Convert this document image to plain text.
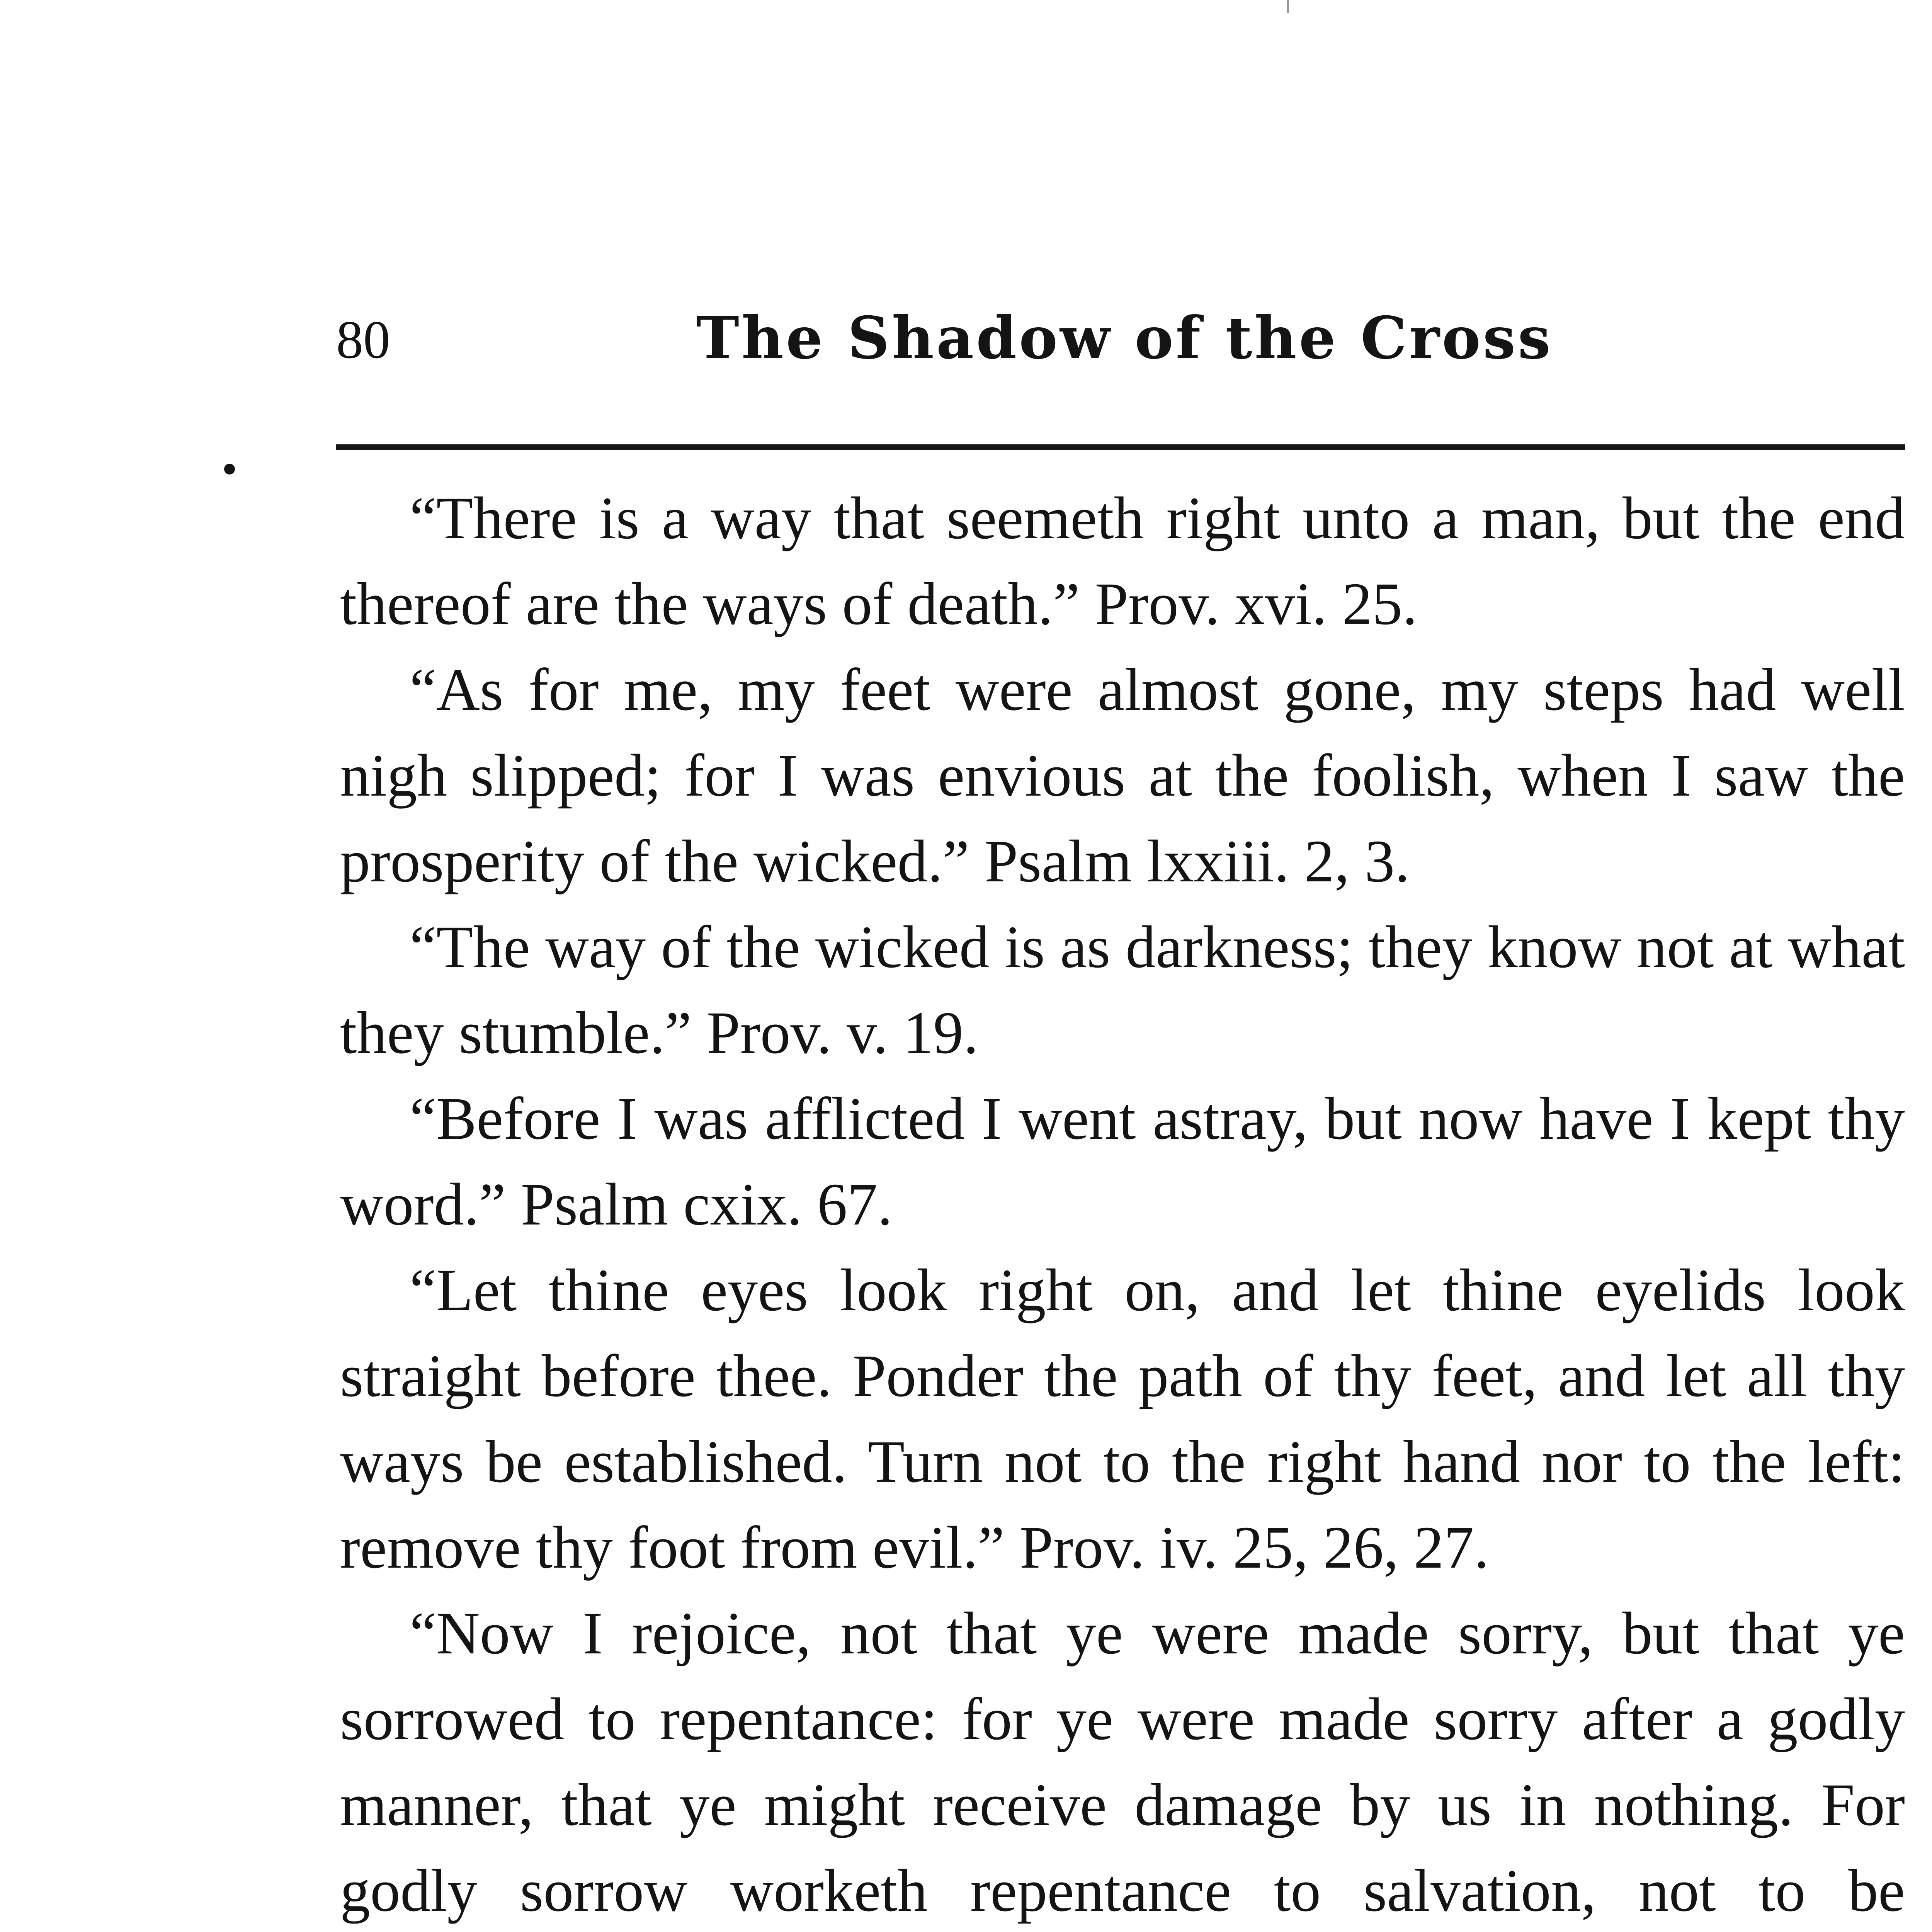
80	The Shadow of the Cross

“There is a way that seemeth right unto a man, but the end thereof are the ways of death.” Prov. xvi. 25.

“As for me, my feet were almost gone, my steps had well nigh slipped; for I was envious at the foolish, when I saw the prosperity of the wicked.” Psalm lxxiii. 2, 3.

“The way of the wicked is as darkness; they know not at what they stumble.” Prov. v. 19.

“Before I was afflicted I went astray, but now have I kept thy word.” Psalm cxix. 67.

“Let thine eyes look right on, and let thine eyelids look straight before thee. Ponder the path of thy feet, and let all thy ways be established. Turn not to the right hand nor to the left: remove thy foot from evil.” Prov. iv. 25, 26, 27.

“Now I rejoice, not that ye were made sorry, but that ye sorrowed to repentance: for ye were made sorry after a godly manner, that ye might receive damage by us in nothing. For godly sorrow worketh repentance to salvation, not to be
